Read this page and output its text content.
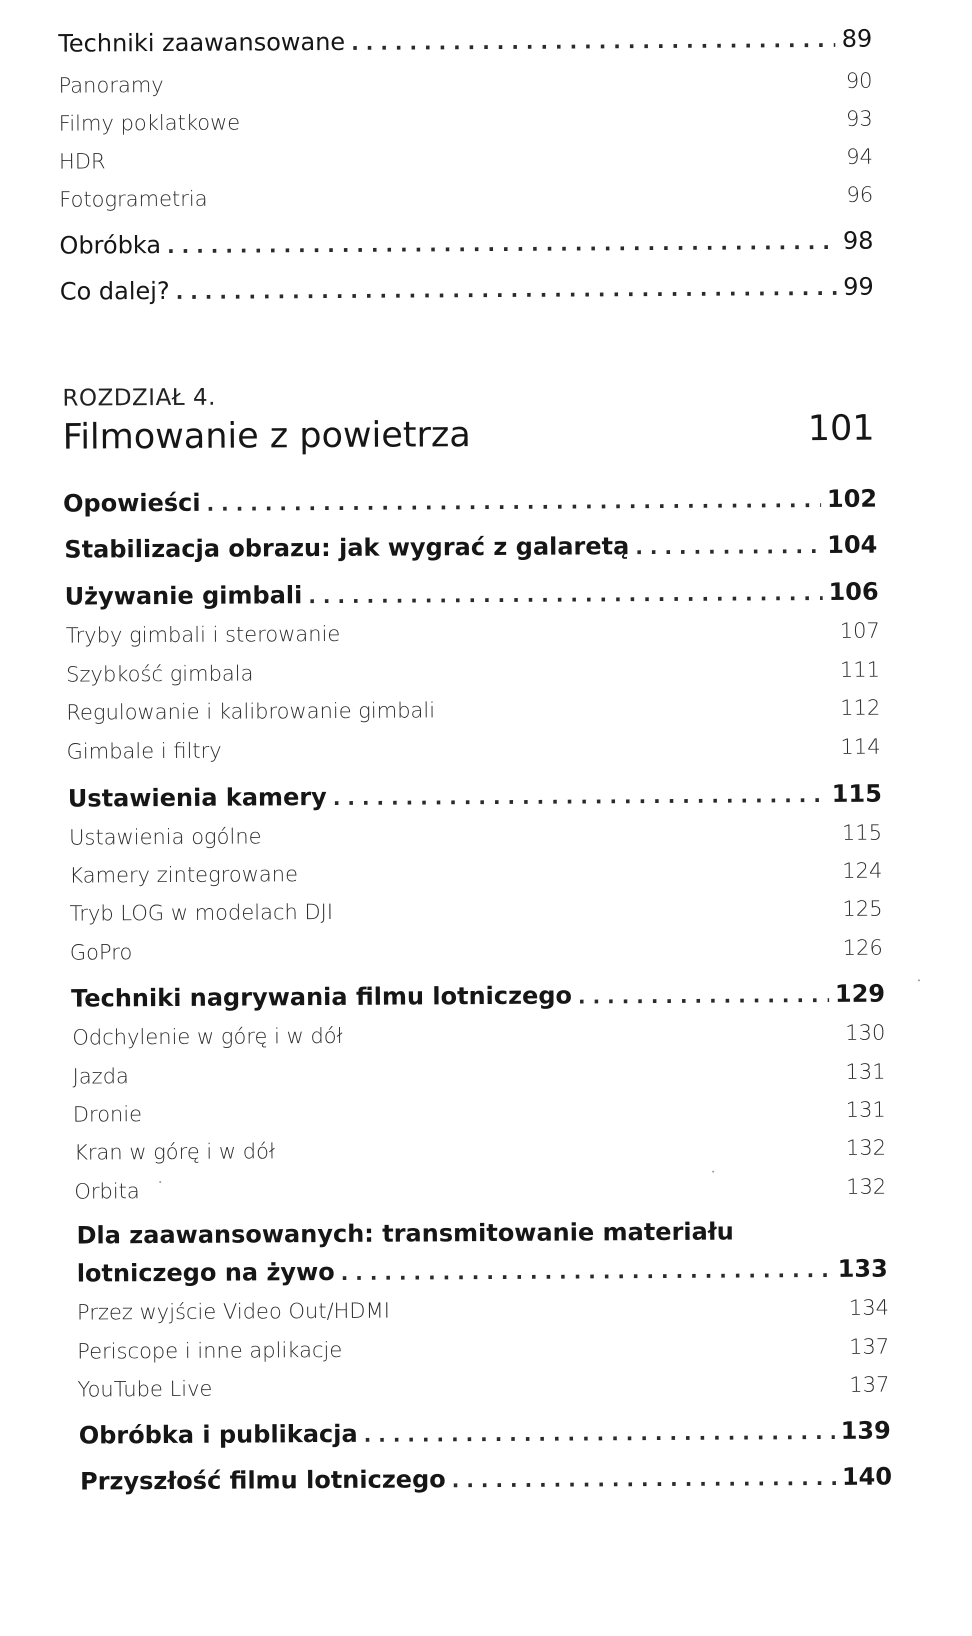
Techniki zaawansowane . . .	89
Panoramy	90
Filmy poklatkowe	93
HDR	94
Fotogrametria	96
Obróbka . . .	98
Co dalej? . . .	99
ROZDZIAŁ 4.
Filmowanie z powietrza	101
Opowieści . . .	102
Stabilizacja obrazu: jak wygrać z galaretą . . .	104
Używanie gimbali . . .	106
Tryby gimbali i sterowanie	107
Szybkość gimbala	111
Regulowanie i kalibrowanie gimbali	112
Gimbale i filtry	114
Ustawienia kamery . . .	115
Ustawienia ogólne	115
Kamery zintegrowane	124
Tryb LOG w modelach DJI	125
GoPro	126
Techniki nagrywania filmu lotniczego . . .	129
Odchylenie w górę i w dół	130
Jazda	131
Dronie	131
Kran w górę i w dół	132
Orbita	132
Dla zaawansowanych: transmitowanie materiału
lotniczego na żywo . . .	133
Przez wyjście Video Out/HDMI	134
Periscope i inne aplikacje	137
YouTube Live	137
Obróbka i publikacja . . .	139
Przyszłość filmu lotniczego . . .	140
